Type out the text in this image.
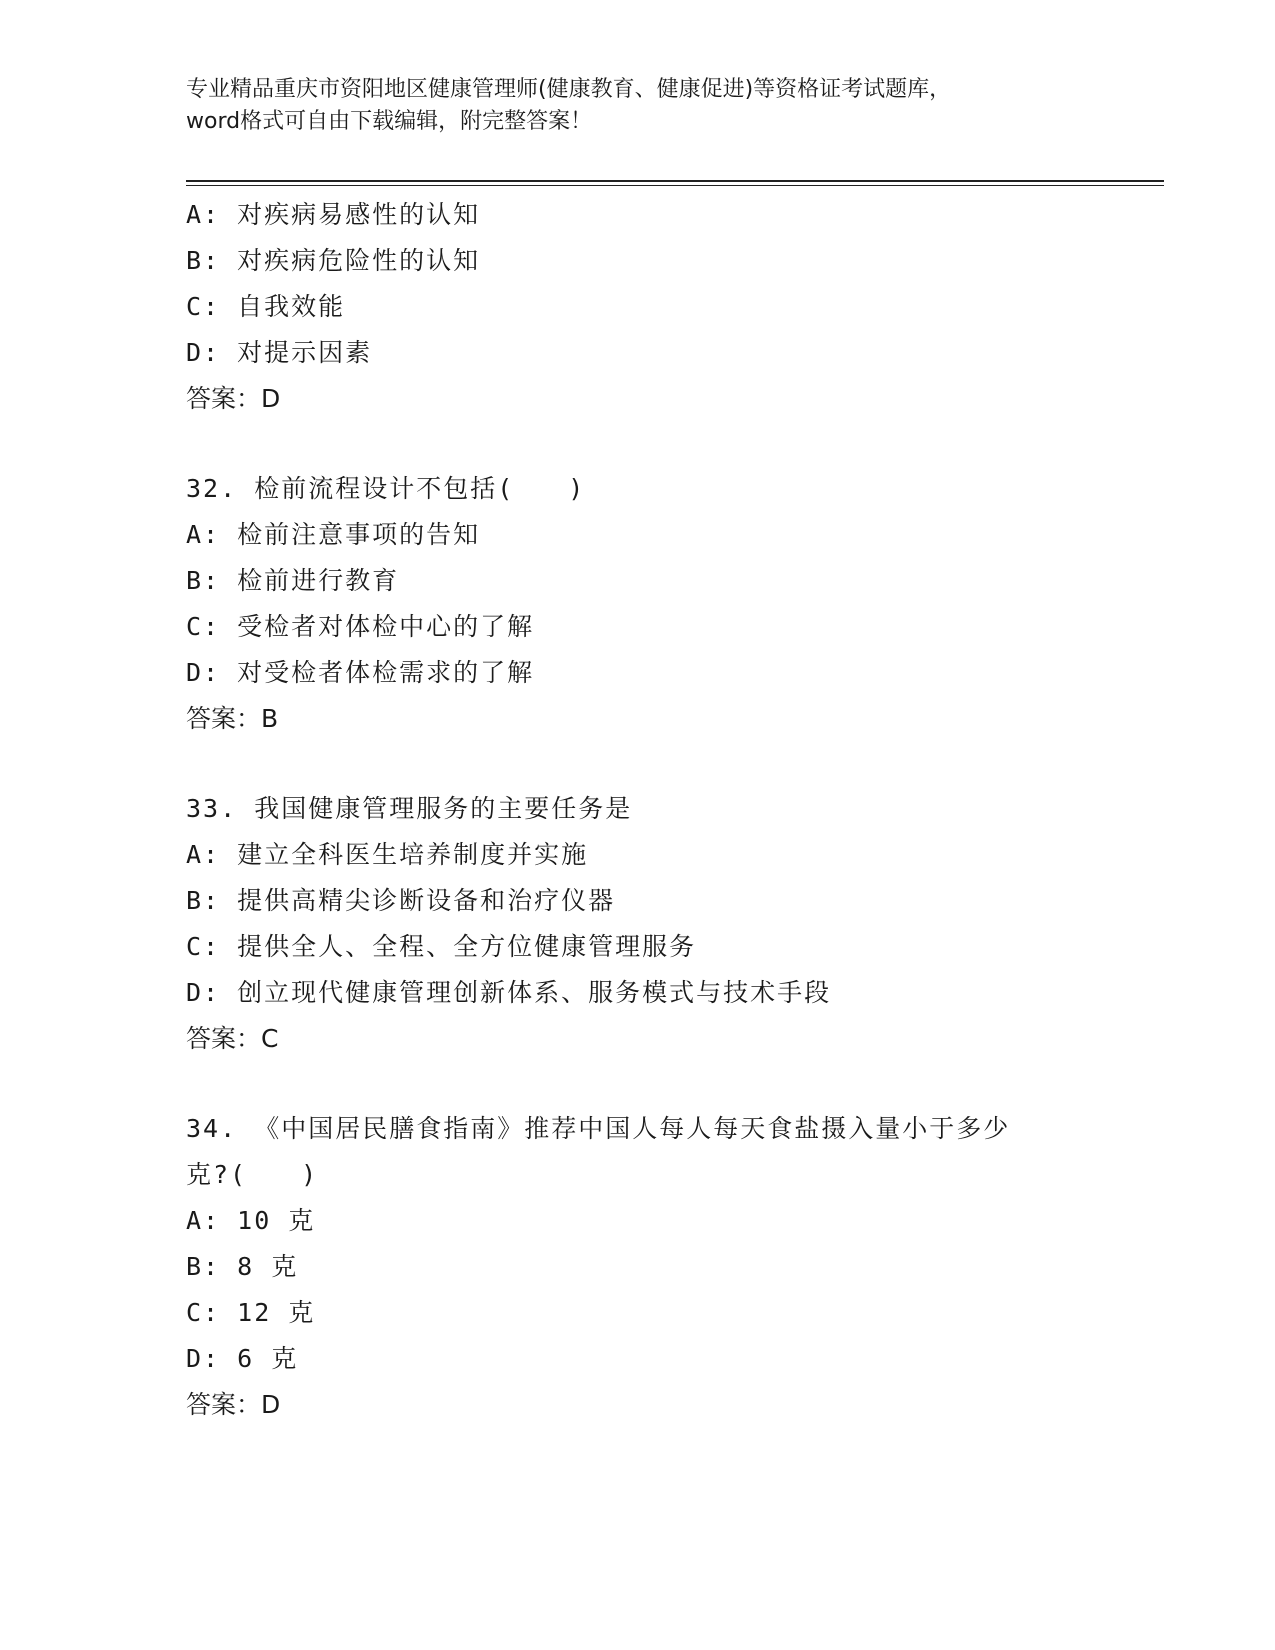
专业精品重庆市资阳地区健康管理师(健康教育、健康促进)等资格证考试题库，
word格式可自由下载编辑，附完整答案！
A: 对疾病易感性的认知
B: 对疾病危险性的认知
C: 自我效能
D: 对提示因素
答案：D
32. 检前流程设计不包括(　　)
A: 检前注意事项的告知
B: 检前进行教育
C: 受检者对体检中心的了解
D: 对受检者体检需求的了解
答案：B
33. 我国健康管理服务的主要任务是
A: 建立全科医生培养制度并实施
B: 提供高精尖诊断设备和治疗仪器
C: 提供全人、全程、全方位健康管理服务
D: 创立现代健康管理创新体系、服务模式与技术手段
答案：C
34. 《中国居民膳食指南》推荐中国人每人每天食盐摄入量小于多少
克?(　　)
A: 10 克
B: 8 克
C: 12 克
D: 6 克
答案：D
